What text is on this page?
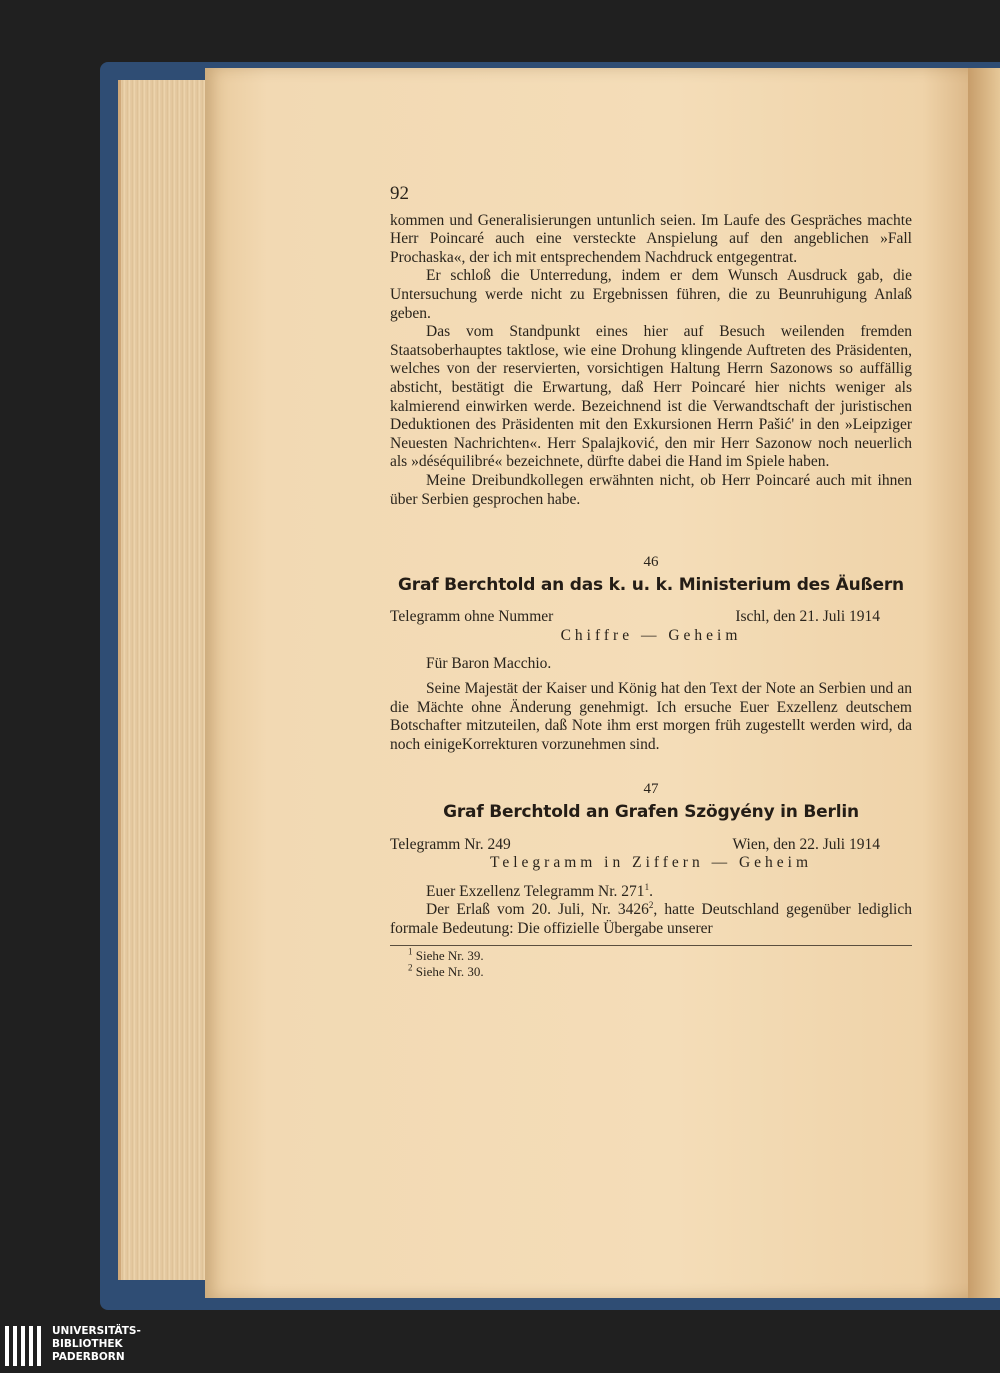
92

kommen und Generalisierungen untunlich seien. Im Laufe des Gespräches machte Herr Poincaré auch eine versteckte Anspielung auf den angeblichen »Fall Prochaska«, der ich mit entsprechendem Nachdruck entgegentrat.

Er schloß die Unterredung, indem er dem Wunsch Ausdruck gab, die Untersuchung werde nicht zu Ergebnissen führen, die zu Beunruhigung Anlaß geben.

Das vom Standpunkt eines hier auf Besuch weilenden fremden Staatsoberhauptes taktlose, wie eine Drohung klingende Auftreten des Präsidenten, welches von der reservierten, vorsichtigen Haltung Herrn Sazonows so auffällig absticht, bestätigt die Erwartung, daß Herr Poincaré hier nichts weniger als kalmierend einwirken werde. Bezeichnend ist die Verwandtschaft der juristischen Deduktionen des Präsidenten mit den Exkursionen Herrn Pašić' in den »Leipziger Neuesten Nachrichten«. Herr Spalajković, den mir Herr Sazonow noch neuerlich als »déséquilibré« bezeichnete, dürfte dabei die Hand im Spiele haben.

Meine Dreibundkollegen erwähnten nicht, ob Herr Poincaré auch mit ihnen über Serbien gesprochen habe.

46
Graf Berchtold an das k. u. k. Ministerium des Äußern
Telegramm ohne Nummer	Ischl, den 21. Juli 1914
Chiffre — Geheim
Für Baron Macchio.

Seine Majestät der Kaiser und König hat den Text der Note an Serbien und an die Mächte ohne Änderung genehmigt. Ich ersuche Euer Exzellenz deutschem Botschafter mitzuteilen, daß Note ihm erst morgen früh zugestellt werden wird, da noch einigeKorrekturen vorzunehmen sind.

47
Graf Berchtold an Grafen Szögyény in Berlin
Telegramm Nr. 249	Wien, den 22. Juli 1914
Telegramm in Ziffern — Geheim

Euer Exzellenz Telegramm Nr. $271^1$.

Der Erlaß vom 20. Juli, Nr. 3426$^2$, hatte Deutschland gegenüber lediglich formale Bedeutung: Die offizielle Übergabe unserer

$^1$ Siehe Nr. 39.
$^2$ Siehe Nr. 30.
UNIVERSITÄTS-
BIBLIOTHEK
PADERBORN
